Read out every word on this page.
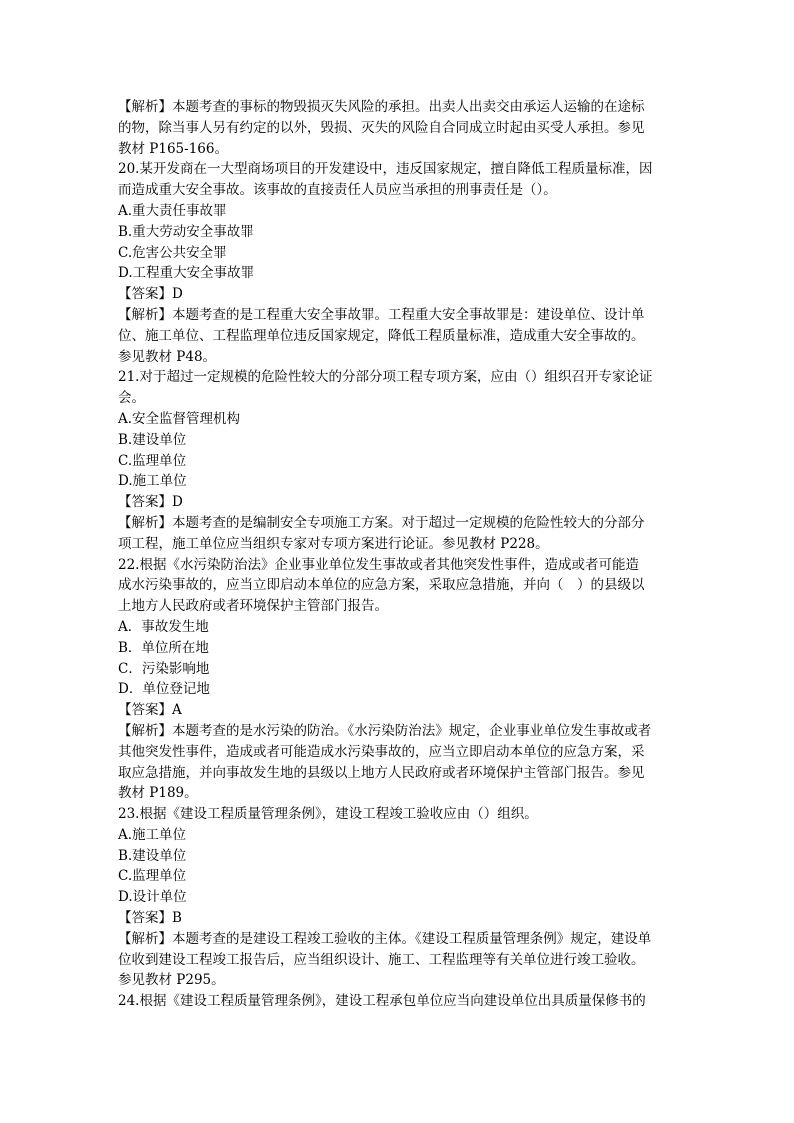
【解析】本题考查的事标的物毁损灭失风险的承担。出卖人出卖交由承运人运输的在途标

的物，除当事人另有约定的以外，毁损、灭失的风险自合同成立时起由买受人承担。参见

教材 P165-166。

20.某开发商在一大型商场项目的开发建设中，违反国家规定，擅自降低工程质量标准，因

而造成重大安全事故。该事故的直接责任人员应当承担的刑事责任是（）。

A.重大责任事故罪

B.重大劳动安全事故罪

C.危害公共安全罪

D.工程重大安全事故罪

【答案】D

【解析】本题考查的是工程重大安全事故罪。工程重大安全事故罪是：建设单位、设计单

位、施工单位、工程监理单位违反国家规定，降低工程质量标准，造成重大安全事故的。

参见教材 P48。

21.对于超过一定规模的危险性较大的分部分项工程专项方案，应由（）组织召开专家论证

会。

A.安全监督管理机构

B.建设单位

C.监理单位

D.施工单位

【答案】D

【解析】本题考查的是编制安全专项施工方案。对于超过一定规模的危险性较大的分部分

项工程，施工单位应当组织专家对专项方案进行论证。参见教材 P228。

22.根据《水污染防治法》企业事业单位发生事故或者其他突发性事件，造成或者可能造

成水污染事故的，应当立即启动本单位的应急方案，采取应急措施，并向（　）的县级以

上地方人民政府或者环境保护主管部门报告。

A．事故发生地

B．单位所在地

C．污染影响地

D．单位登记地

【答案】A

【解析】本题考查的是水污染的防治。《水污染防治法》规定，企业事业单位发生事故或者

其他突发性事件，造成或者可能造成水污染事故的，应当立即启动本单位的应急方案，采

取应急措施，并向事故发生地的县级以上地方人民政府或者环境保护主管部门报告。参见

教材 P189。

23.根据《建设工程质量管理条例》，建设工程竣工验收应由（）组织。

A.施工单位

B.建设单位

C.监理单位

D.设计单位

【答案】B

【解析】本题考查的是建设工程竣工验收的主体。《建设工程质量管理条例》规定，建设单

位收到建设工程竣工报告后，应当组织设计、施工、工程监理等有关单位进行竣工验收。

参见教材 P295。

24.根据《建设工程质量管理条例》，建设工程承包单位应当向建设单位出具质量保修书的
